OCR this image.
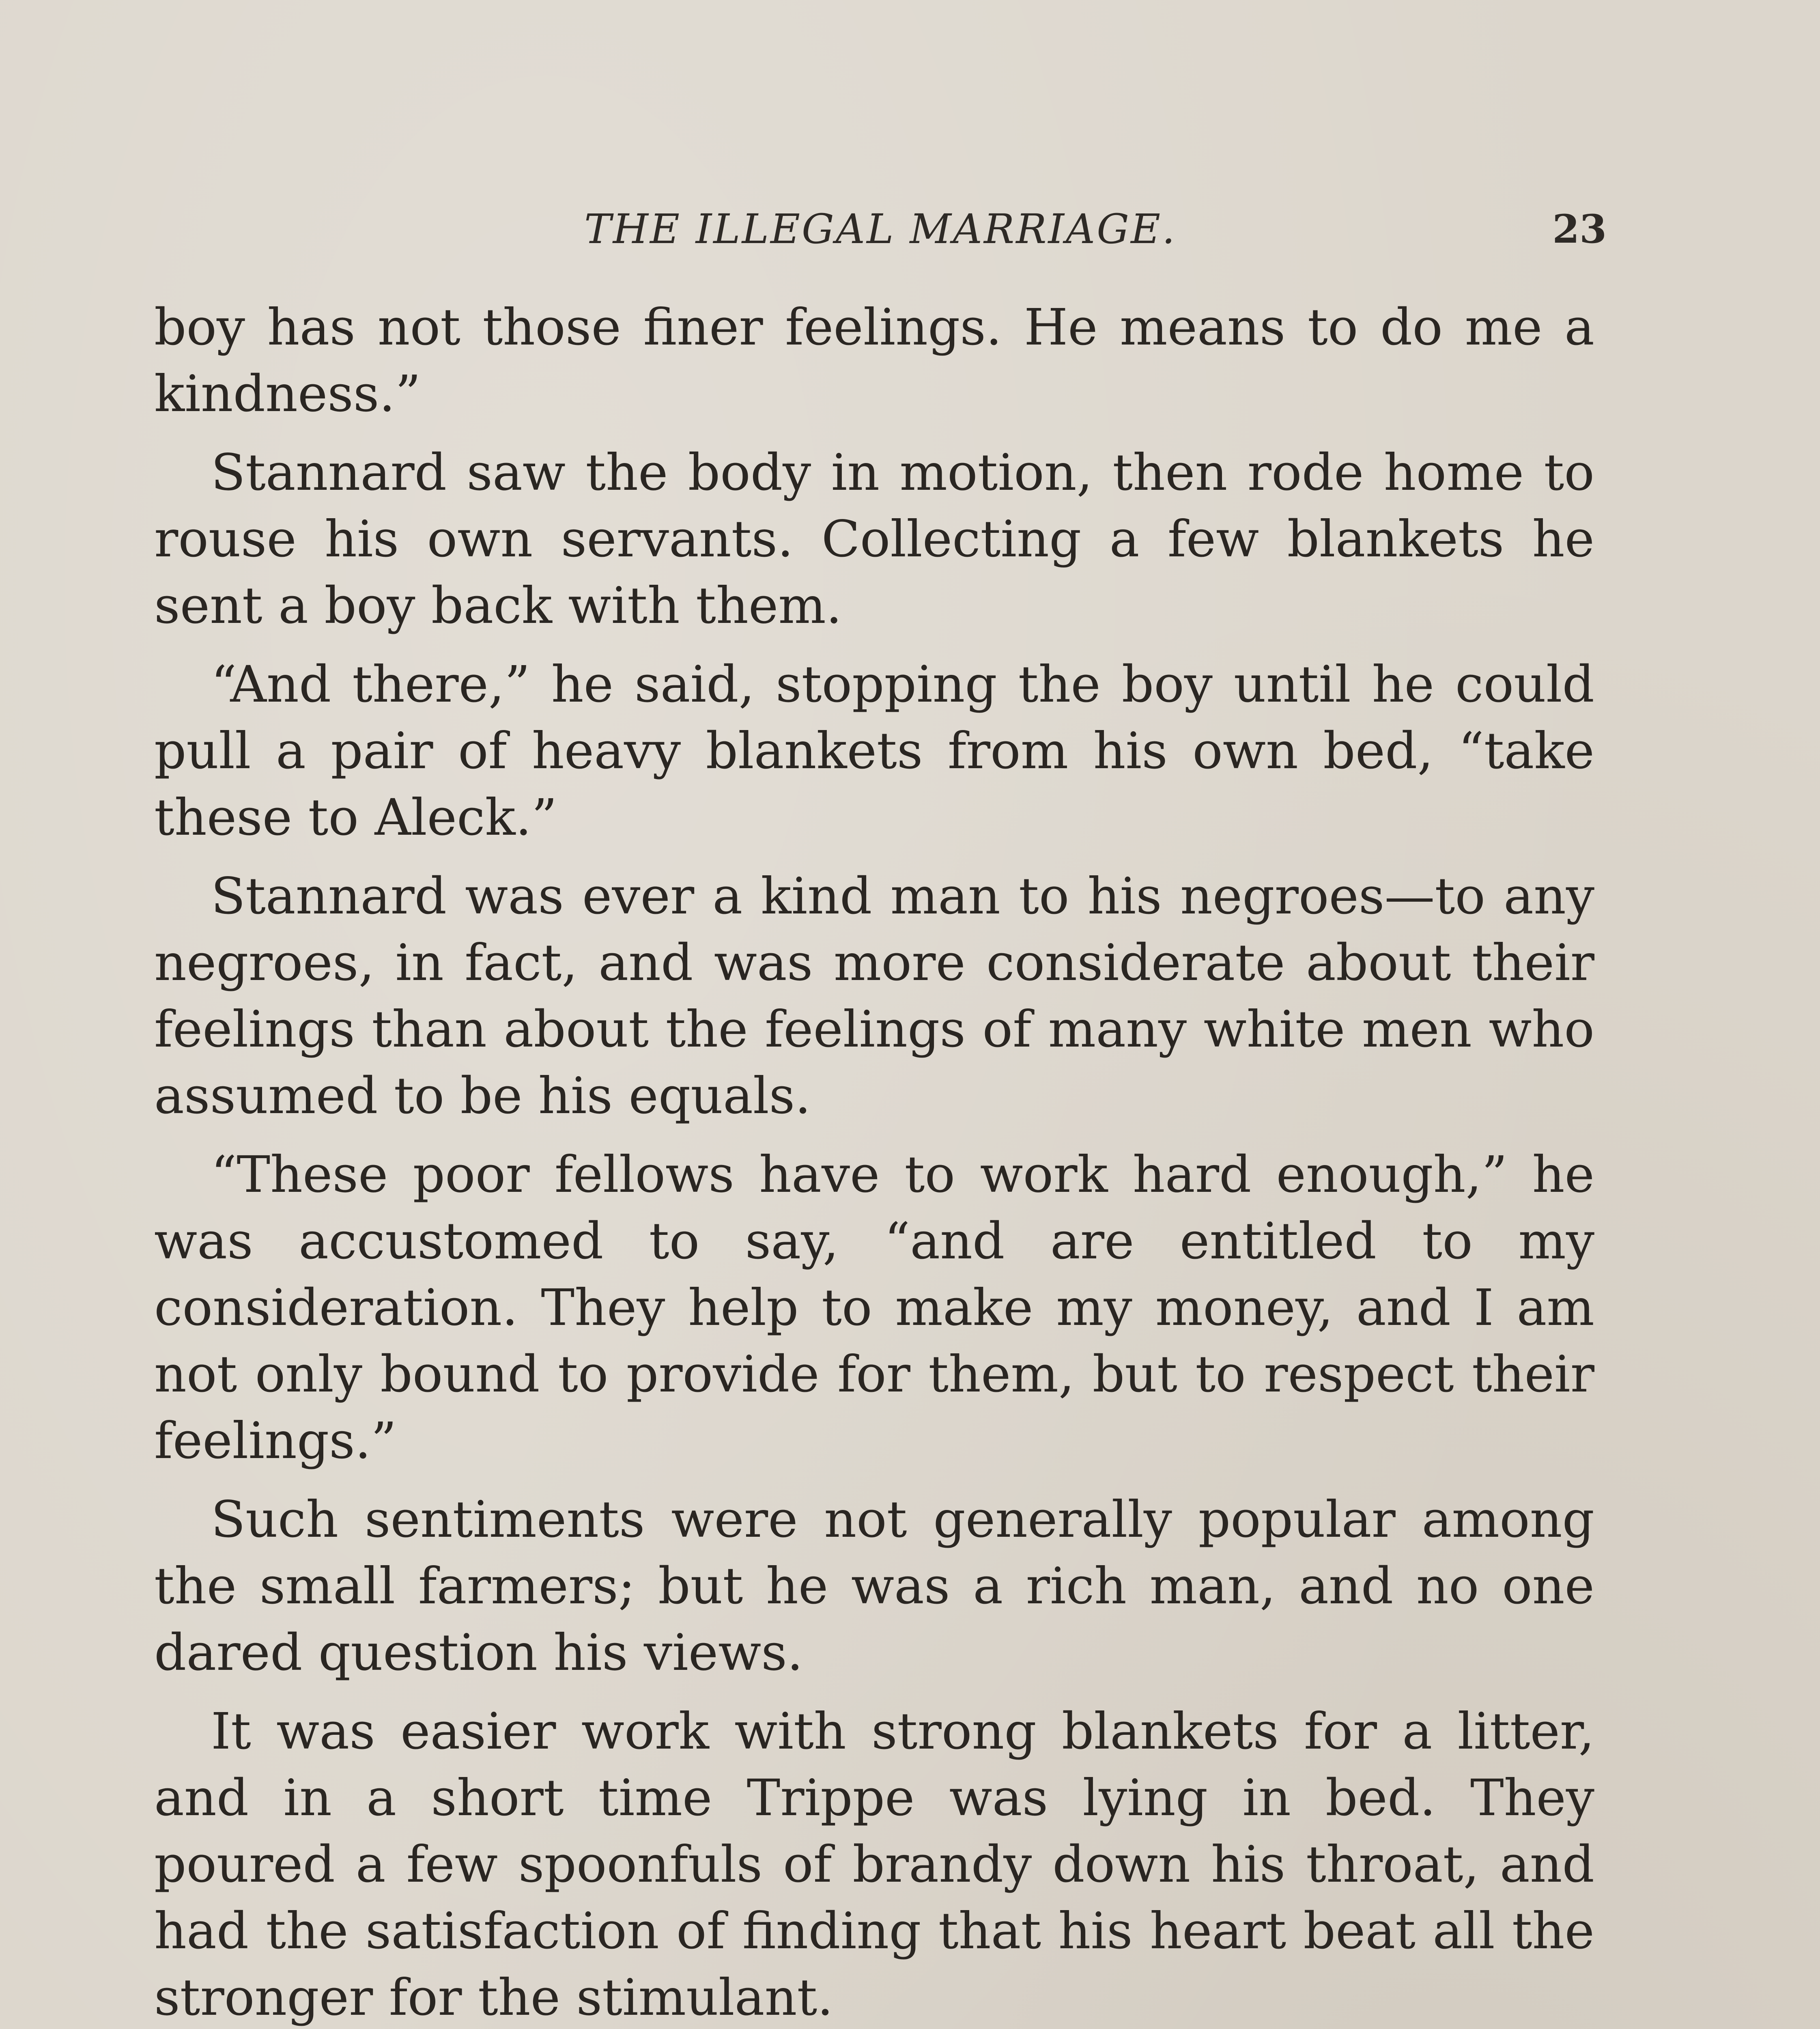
THE ILLEGAL MARRIAGE.	23

boy has not those finer feelings. He means to do me a kindness.”

Stannard saw the body in motion, then rode home to rouse his own servants. Collecting a few blankets he sent a boy back with them.

“And there,” he said, stopping the boy until he could pull a pair of heavy blankets from his own bed, “take these to Aleck.”

Stannard was ever a kind man to his negroes—to any negroes, in fact, and was more considerate about their feelings than about the feelings of many white men who assumed to be his equals.

“These poor fellows have to work hard enough,” he was accustomed to say, “and are entitled to my consideration. They help to make my money, and I am not only bound to provide for them, but to respect their feelings.”

Such sentiments were not generally popular among the small farmers; but he was a rich man, and no one dared question his views.

It was easier work with strong blankets for a litter, and in a short time Trippe was lying in bed. They poured a few spoonfuls of brandy down his throat, and had the satisfaction of finding that his heart beat all the stronger for the stimulant.
